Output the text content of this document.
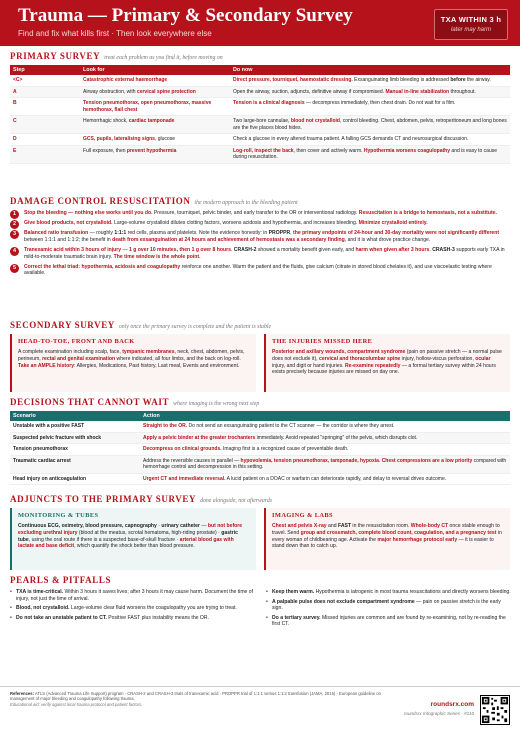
Trauma — Primary & Secondary Survey
Find and fix what kills first · Then look everywhere else
TXA WITHIN 3 h
later may harm
PRIMARY SURVEY treat each problem as you find it, before moving on
Step	Look for	Do now
<C>	Catastrophic external haemorrhage	Direct pressure, tourniquet, haemostatic dressing. Exsanguinating limb bleeding is addressed before the airway.
A	Airway obstruction, with cervical spine protection	Open the airway, suction, adjuncts, definitive airway if compromised. Manual in-line stabilization throughout.
B	Tension pneumothorax, open pneumothorax, massive hemothorax, flail chest	Tension is a clinical diagnosis — decompress immediately, then chest drain. Do not wait for a film.
C	Hemorrhagic shock, cardiac tamponade	Two large-bore cannulae, blood not crystalloid, control bleeding. Chest, abdomen, pelvis, retroperitoneum and long bones are the five places blood hides.
D	GCS, pupils, lateralising signs, glucose	Check a glucose in every altered trauma patient. A falling GCS demands CT and neurosurgical discussion.
E	Full exposure, then prevent hypothermia	Log-roll, inspect the back, then cover and actively warm. Hypothermia worsens coagulopathy and is easy to cause during resuscitation.
DAMAGE CONTROL RESUSCITATION the modern approach to the bleeding patient
1	Stop the bleeding — nothing else works until you do. Pressure, tourniquet, pelvic binder, and early transfer to the OR or interventional radiology. Resuscitation is a bridge to hemostasis, not a substitute.
2	Give blood products, not crystalloid. Large-volume crystalloid dilutes clotting factors, worsens acidosis and hypothermia, and increases bleeding. Minimize crystalloid entirely.
3	Balanced ratio transfusion — roughly 1:1:1 red cells, plasma and platelets. Note the evidence honestly: in PROPPR, the primary endpoints of 24-hour and 30-day mortality were not significantly different between 1:1:1 and 1:1:2; the benefit in death from exsanguination at 24 hours and achievement of hemostasis was a secondary finding, and it is what drove practice change.
4	Tranexamic acid within 3 hours of injury — 1 g over 10 minutes, then 1 g over 8 hours. CRASH-2 showed a mortality benefit given early, and harm when given after 3 hours. CRASH-3 supports early TXA in mild-to-moderate traumatic brain injury. The time window is the whole point.
5	Correct the lethal triad: hypothermia, acidosis and coagulopathy reinforce one another. Warm the patient and the fluids, give calcium (citrate in stored blood chelates it), and use viscoelastic testing where available.
SECONDARY SURVEY only once the primary survey is complete and the patient is stable
HEAD-TO-TOE, FRONT AND BACK
A complete examination including scalp, face, tympanic membranes, neck, chest, abdomen, pelvis, perineum, rectal and genital examination where indicated, all four limbs, and the back on log-roll. Take an AMPLE history: Allergies, Medications, Past history, Last meal, Events and environment.
THE INJURIES MISSED HERE
Posterior and axillary wounds, compartment syndrome (pain on passive stretch — a normal pulse does not exclude it), cervical and thoracolumbar spine injury, hollow-viscus perforation, ocular injury, and digit or hand injuries. Re-examine repeatedly — a formal tertiary survey within 24 hours exists precisely because injuries are missed on day one.
DECISIONS THAT CANNOT WAIT where imaging is the wrong next step
Scenario	Action
Unstable with a positive FAST	Straight to the OR. Do not send an exsanguinating patient to the CT scanner — the corridor is where they arrest.
Suspected pelvic fracture with shock	Apply a pelvic binder at the greater trochanters immediately. Avoid repeated "springing" of the pelvis, which disrupts clot.
Tension pneumothorax	Decompress on clinical grounds. Imaging first is a recognized cause of preventable death.
Traumatic cardiac arrest	Address the reversible causes in parallel — hypovolemia, tension pneumothorax, tamponade, hypoxia. Chest compressions are a low priority compared with hemorrhage control and decompression in this setting.
Head injury on anticoagulation	Urgent CT and immediate reversal. A lucid patient on a DOAC or warfarin can deteriorate rapidly, and delay to reversal drives outcome.
ADJUNCTS TO THE PRIMARY SURVEY done alongside, not afterwards
MONITORING & TUBES
Continuous ECG, oximetry, blood pressure, capnography · urinary catheter — but not before excluding urethral injury (blood at the meatus, scrotal hematoma, high-riding prostate) · gastric tube, using the oral route if there is a suspected base-of-skull fracture · arterial blood gas with lactate and base deficit, which quantify the shock better than blood pressure.
IMAGING & LABS
Chest and pelvis X-ray and FAST in the resuscitation room. Whole-body CT once stable enough to travel. Send group and crossmatch, complete blood count, coagulation, and a pregnancy test in every woman of childbearing age. Activate the major hemorrhage protocol early — it is easier to stand down than to catch up.
PEARLS & PITFALLS
• TXA is time-critical. Within 3 hours it saves lives; after 3 hours it may cause harm. Document the time of injury, not just the time of arrival.
• Blood, not crystalloid. Large-volume clear fluid worsens the coagulopathy you are trying to treat.
• Do not take an unstable patient to CT. Positive FAST plus instability means the OR.
• Keep them warm. Hypothermia is iatrogenic in most trauma resuscitations and directly worsens bleeding.
• A palpable pulse does not exclude compartment syndrome — pain on passive stretch is the early sign.
• Do a tertiary survey. Missed injuries are common and are found by re-examining, not by re-reading the first CT.
References: ATLS (Advanced Trauma Life Support) program · CRASH-2 and CRASH-3 trials of tranexamic acid · PROPPR trial of 1:1:1 versus 1:1:2 transfusion (JAMA, 2015) · European guideline on management of major bleeding and coagulopathy following trauma.
Educational aid; verify against local trauma protocol and patient factors.	roundsrx.com
roundsrx Infographic Series · #110
